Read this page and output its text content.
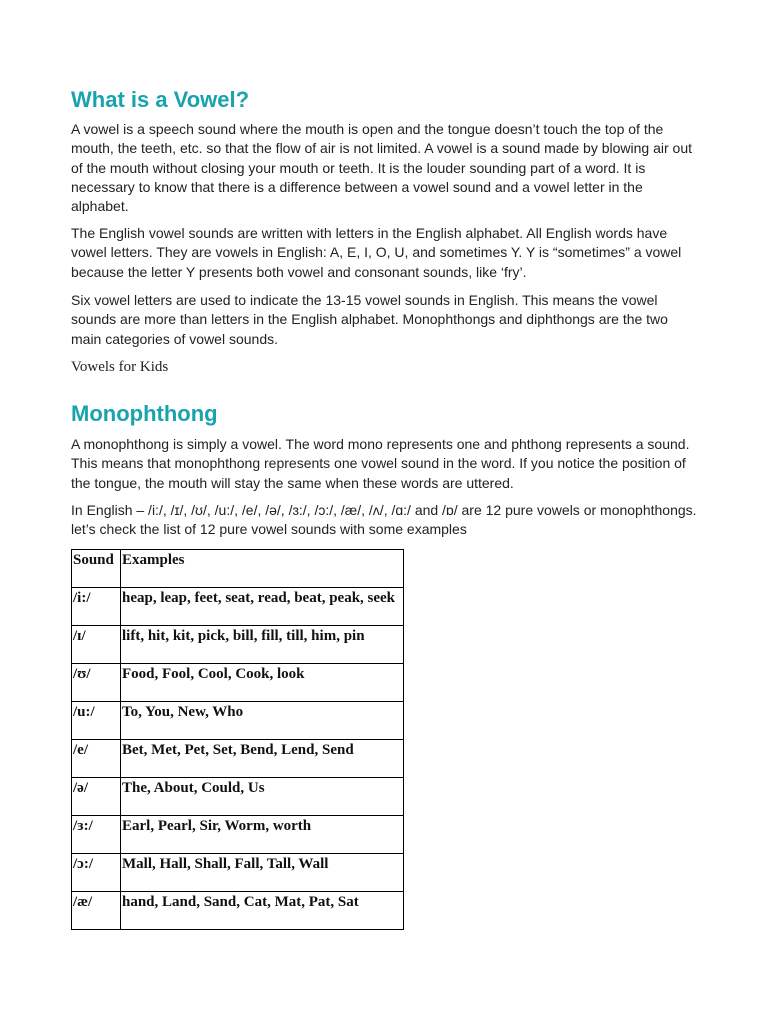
What is a Vowel?

A vowel is a speech sound where the mouth is open and the tongue doesn’t touch the top of the mouth, the teeth, etc. so that the flow of air is not limited. A vowel is a sound made by blowing air out of the mouth without closing your mouth or teeth. It is the louder sounding part of a word. It is necessary to know that there is a difference between a vowel sound and a vowel letter in the alphabet.

The English vowel sounds are written with letters in the English alphabet. All English words have vowel letters. They are vowels in English: A, E, I, O, U, and sometimes Y. Y is “sometimes” a vowel because the letter Y presents both vowel and consonant sounds, like ‘fry’.

Six vowel letters are used to indicate the 13-15 vowel sounds in English. This means the vowel sounds are more than letters in the English alphabet. Monophthongs and diphthongs are the two main categories of vowel sounds.

Vowels for Kids

Monophthong

A monophthong is simply a vowel. The word mono represents one and phthong represents a sound. This means that monophthong represents one vowel sound in the word. If you notice the position of the tongue, the mouth will stay the same when these words are uttered.

In English – /i:/, /ɪ/, /ʊ/, /u:/, /e/, /ə/, /ɜ:/, /ɔ:/, /æ/, /ʌ/, /ɑ:/ and /ɒ/ are 12 pure vowels or monophthongs. let’s check the list of 12 pure vowel sounds with some examples

Sound	Examples
/i:/	heap, leap, feet, seat, read, beat, peak, seek
/ɪ/	lift, hit, kit, pick, bill, fill, till, him, pin
/ʊ/	Food, Fool, Cool, Cook, look
/u:/	To, You, New, Who
/e/	Bet, Met, Pet, Set, Bend, Lend, Send
/ə/	The, About, Could, Us
/ɜ:/	Earl, Pearl, Sir, Worm, worth
/ɔ:/	Mall, Hall, Shall, Fall, Tall, Wall
/æ/	hand, Land, Sand, Cat, Mat, Pat, Sat
